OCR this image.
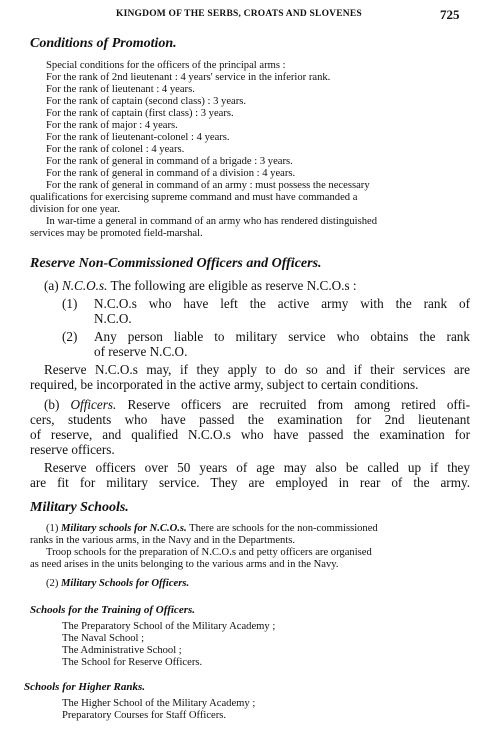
KINGDOM OF THE SERBS, CROATS AND SLOVENES	725
Conditions of Promotion.
Special conditions for the officers of the principal arms :
For the rank of 2nd lieutenant : 4 years' service in the inferior rank.
For the rank of lieutenant : 4 years.
For the rank of captain (second class) : 3 years.
For the rank of captain (first class) : 3 years.
For the rank of major : 4 years.
For the rank of lieutenant-colonel : 4 years.
For the rank of colonel : 4 years.
For the rank of general in command of a brigade : 3 years.
For the rank of general in command of a division : 4 years.
For the rank of general in command of an army : must possess the necessary
qualifications for exercising supreme command and must have commanded a
division for one year.
In war-time a general in command of an army who has rendered distinguished
services may be promoted field-marshal.
Reserve Non-Commissioned Officers and Officers.
(a) N.C.O.s. The following are eligible as reserve N.C.O.s :
(1) N.C.O.s who have left the active army with the rank of
N.C.O.
(2) Any person liable to military service who obtains the rank
of reserve N.C.O.
Reserve N.C.O.s may, if they apply to do so and if their services are
required, be incorporated in the active army, subject to certain conditions.
(b) Officers. Reserve officers are recruited from among retired offi-
cers, students who have passed the examination for 2nd lieutenant
of reserve, and qualified N.C.O.s who have passed the examination for
reserve officers.
Reserve officers over 50 years of age may also be called up if they
are fit for military service. They are employed in rear of the army.
Military Schools.
(1) Military schools for N.C.O.s. There are schools for the non-commissioned
ranks in the various arms, in the Navy and in the Departments.
Troop schools for the preparation of N.C.O.s and petty officers are organised
as need arises in the units belonging to the various arms and in the Navy.
(2) Military Schools for Officers.
Schools for the Training of Officers.
The Preparatory School of the Military Academy ;
The Naval School ;
The Administrative School ;
The School for Reserve Officers.
Schools for Higher Ranks.
The Higher School of the Military Academy ;
Preparatory Courses for Staff Officers.
